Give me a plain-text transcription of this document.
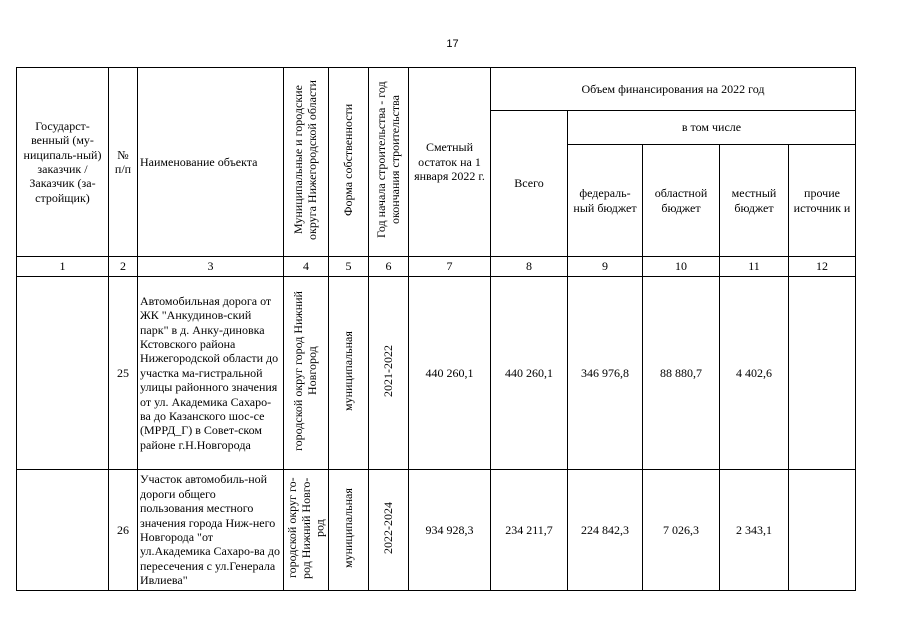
17
Государст-венный (му-ниципаль-ный) заказчик / Заказчик (за-стройщик)	№ п/п	Наименование объекта	Муниципальные и городские округа Нижегородской области	Форма собственности	Год начала строительства - год окончания строительства	Сметный остаток на 1 января 2022 г.	Объем финансирования на 2022 год				
							Всего	в том числе			
								федераль-ный бюджет	областной бюджет	местный бюджет	прочие источник и
1	2	3	4	5	6	7	8	9	10	11	12
	25	Автомобильная дорога от ЖК "Анкудинов-ский парк" в д. Анку-диновка Кстовского района Нижегородской области до участка ма-гистральной улицы районного значения от ул. Академика Сахаро-ва до Казанского шос-се (МРРД_Г) в Совет-ском районе г.Н.Новгорода	городской округ город Нижний Новгород	муниципальная	2021-2022	440 260,1	440 260,1	346 976,8	88 880,7	4 402,6	
	26	Участок автомобиль-ной дороги общего пользования местного значения города Ниж-него Новгорода "от ул.Академика Сахаро-ва до пересечения с ул.Генерала Ивлиева"	городской округ го-род Нижний Новго-род	муниципальная	2022-2024	934 928,3	234 211,7	224 842,3	7 026,3	2 343,1	
